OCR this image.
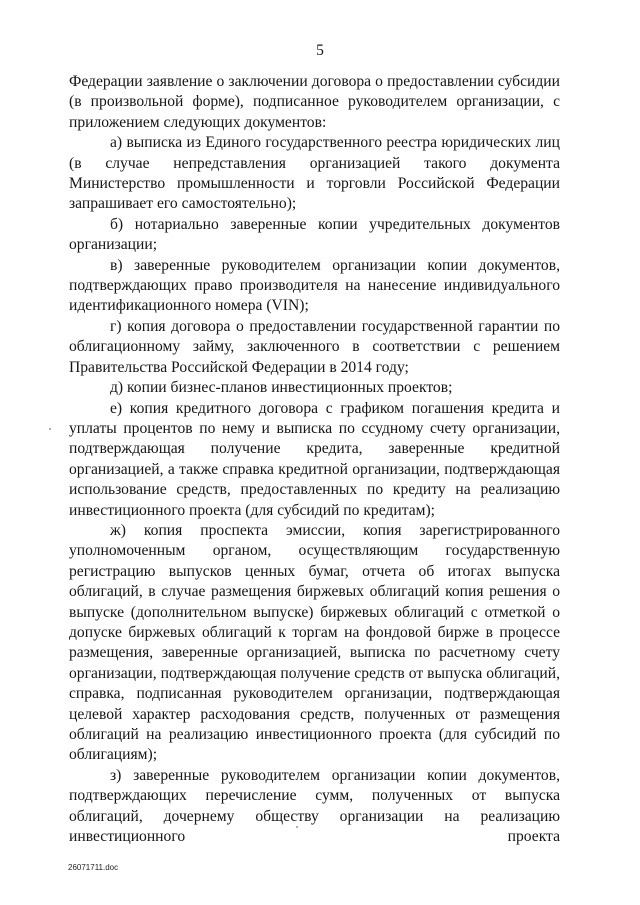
5

Федерации заявление о заключении договора о предоставлении субсидии (в произвольной форме), подписанное руководителем организации, с приложением следующих документов:

а) выписка из Единого государственного реестра юридических лиц (в случае непредставления организацией такого документа Министерство промышленности и торговли Российской Федерации запрашивает его самостоятельно);

б) нотариально заверенные копии учредительных документов организации;

в) заверенные руководителем организации копии документов, подтверждающих право производителя на нанесение индивидуального идентификационного номера (VIN);

г) копия договора о предоставлении государственной гарантии по облигационному займу, заключенного в соответствии с решением Правительства Российской Федерации в 2014 году;

д) копии бизнес-планов инвестиционных проектов;

е) копия кредитного договора с графиком погашения кредита и уплаты процентов по нему и выписка по ссудному счету организации, подтверждающая получение кредита, заверенные кредитной организацией, а также справка кредитной организации, подтверждающая использование средств, предоставленных по кредиту на реализацию инвестиционного проекта (для субсидий по кредитам);

ж) копия проспекта эмиссии, копия зарегистрированного уполномоченным органом, осуществляющим государственную регистрацию выпусков ценных бумаг, отчета об итогах выпуска облигаций, в случае размещения биржевых облигаций копия решения о выпуске (дополнительном выпуске) биржевых облигаций с отметкой о допуске биржевых облигаций к торгам на фондовой бирже в процессе размещения, заверенные организацией, выписка по расчетному счету организации, подтверждающая получение средств от выпуска облигаций, справка, подписанная руководителем организации, подтверждающая целевой характер расходования средств, полученных от размещения облигаций на реализацию инвестиционного проекта (для субсидий по облигациям);

з) заверенные руководителем организации копии документов, подтверждающих перечисление сумм, полученных от выпуска облигаций, дочернему обществу организации на реализацию инвестиционного проекта

26071711.doc
